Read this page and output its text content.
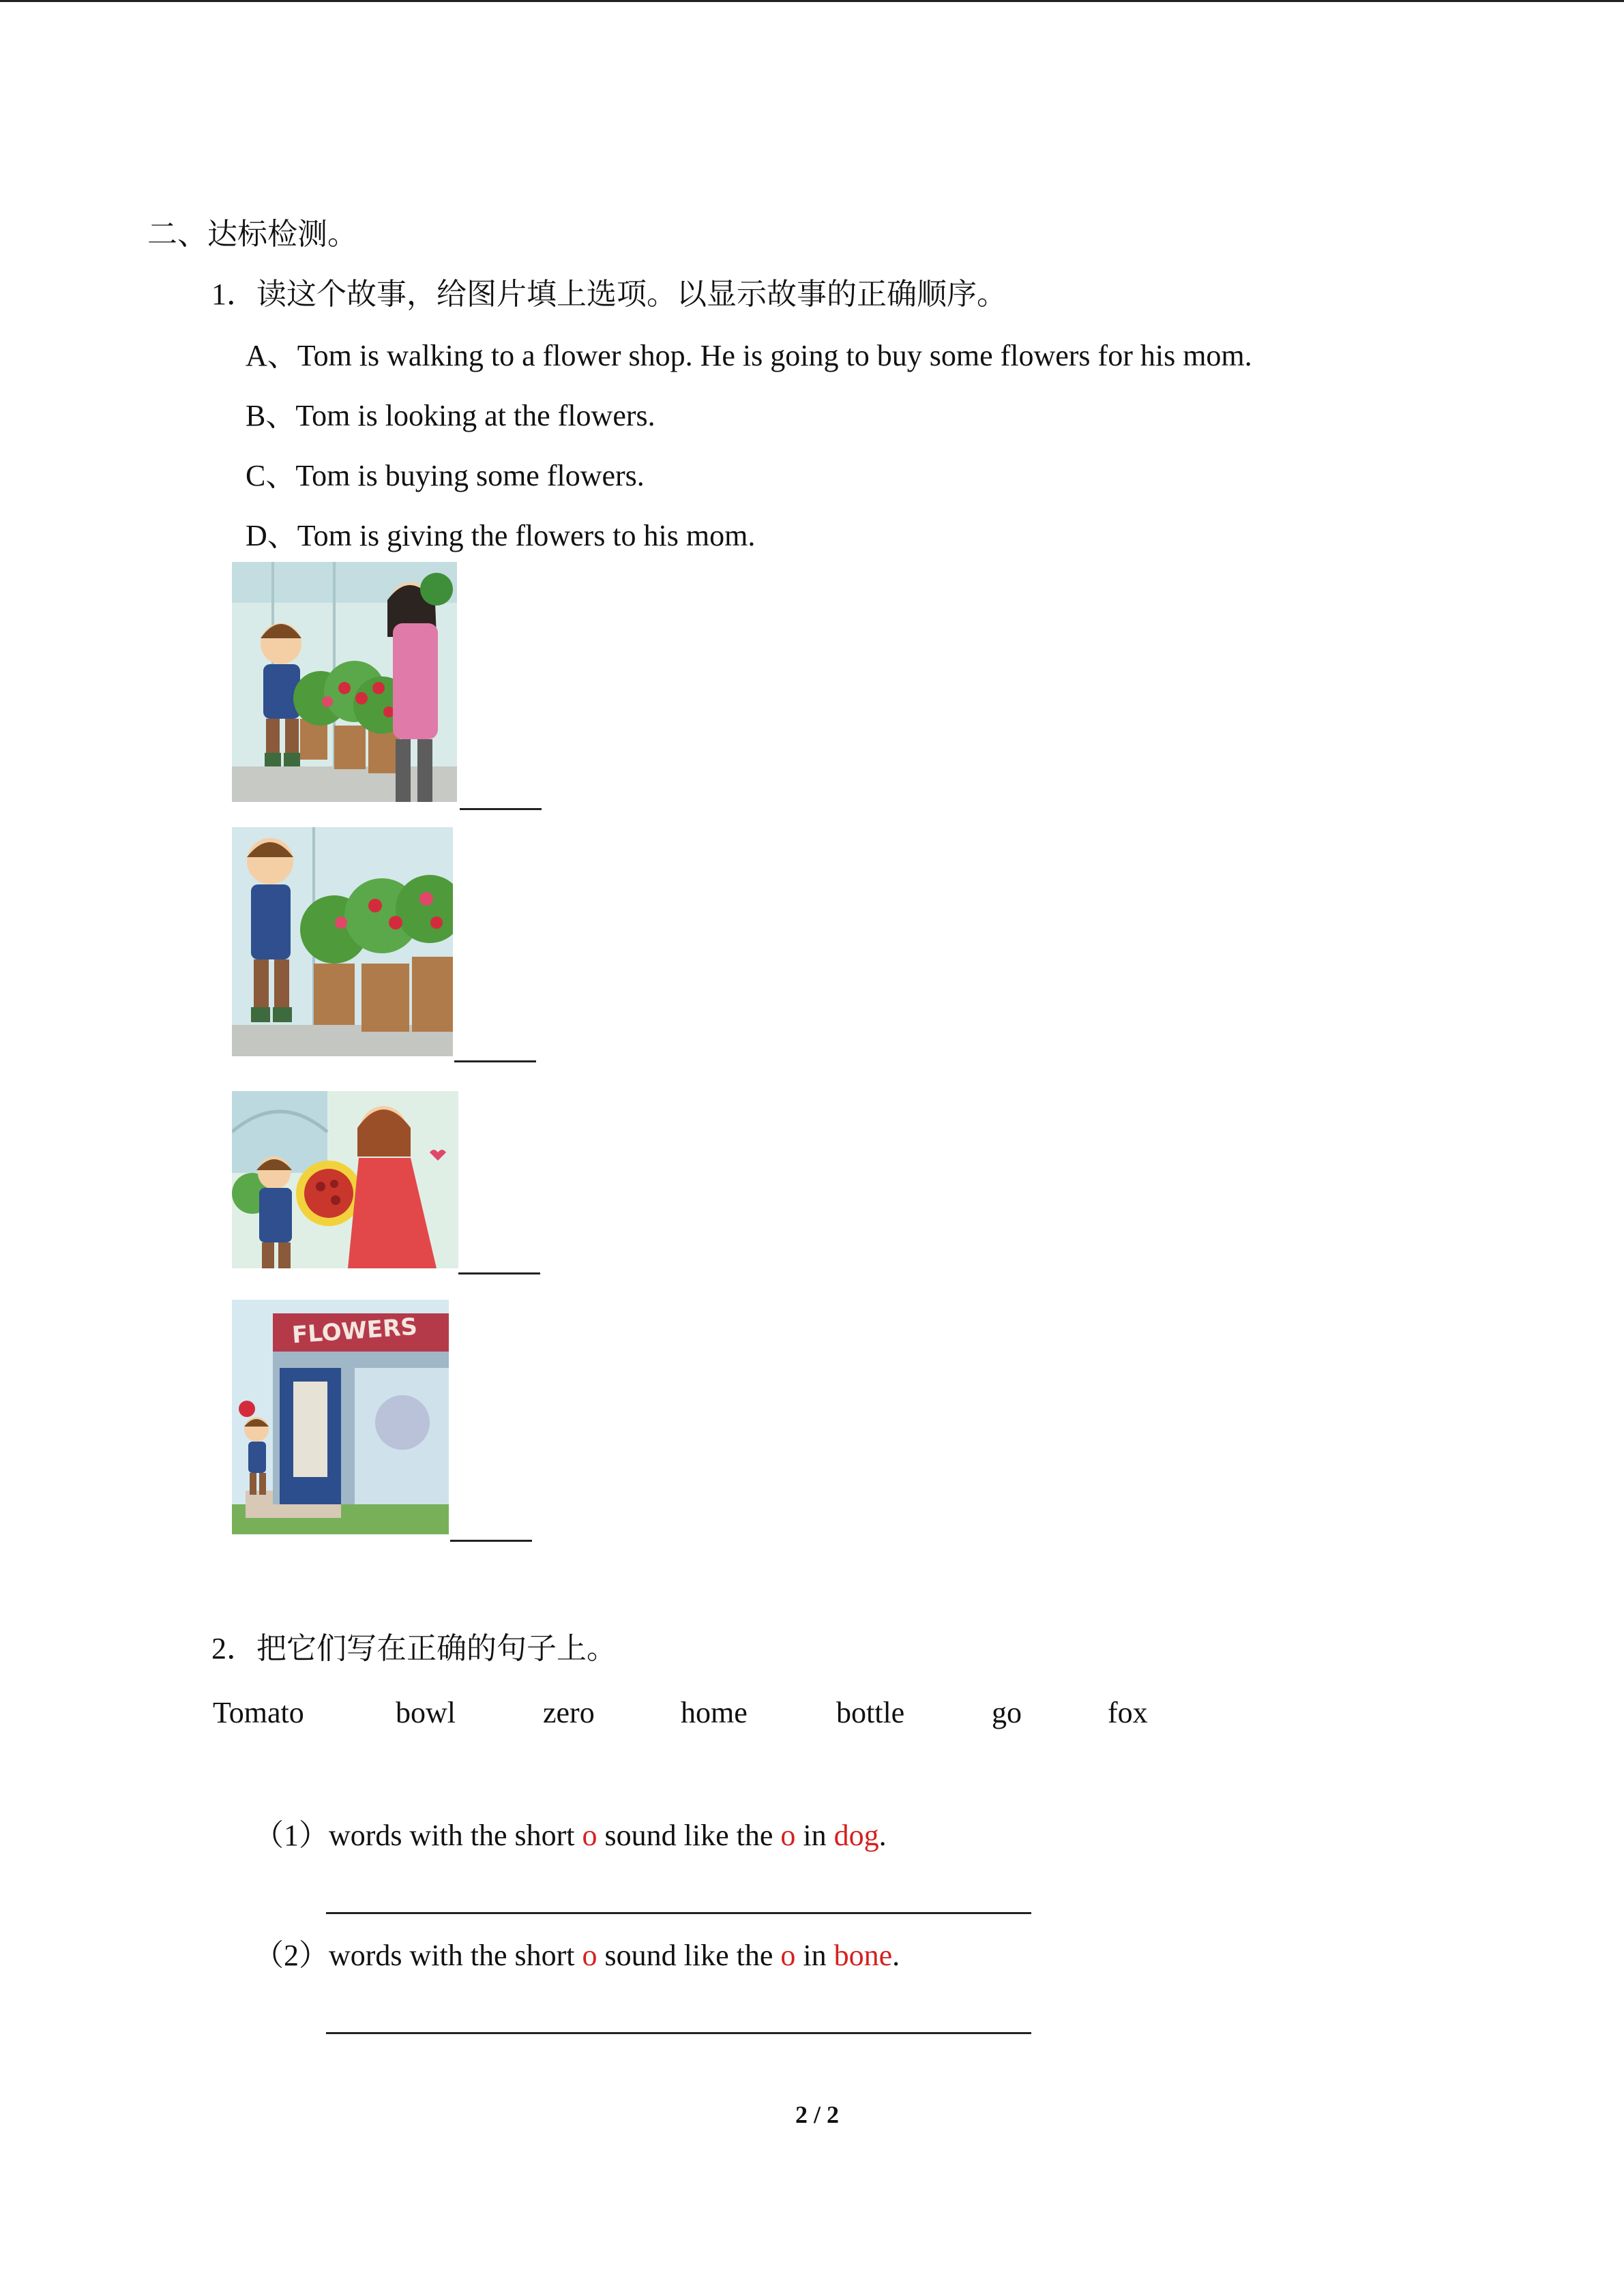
二、达标检测。
1．读这个故事，给图片填上选项。以显示故事的正确顺序。
A、Tom is walking to a flower shop. He is going to buy some flowers for his mom.
B、Tom is looking at the flowers.
C、Tom is buying some flowers.
D、Tom is giving the flowers to his mom.
FLOWERS
2．把它们写在正确的句子上。
Tomato	bowl	zero	home	bottle	go	fox
（1）words with the short o sound like the o in dog.
（2）words with the short o sound like the o in bone.
2 / 2
